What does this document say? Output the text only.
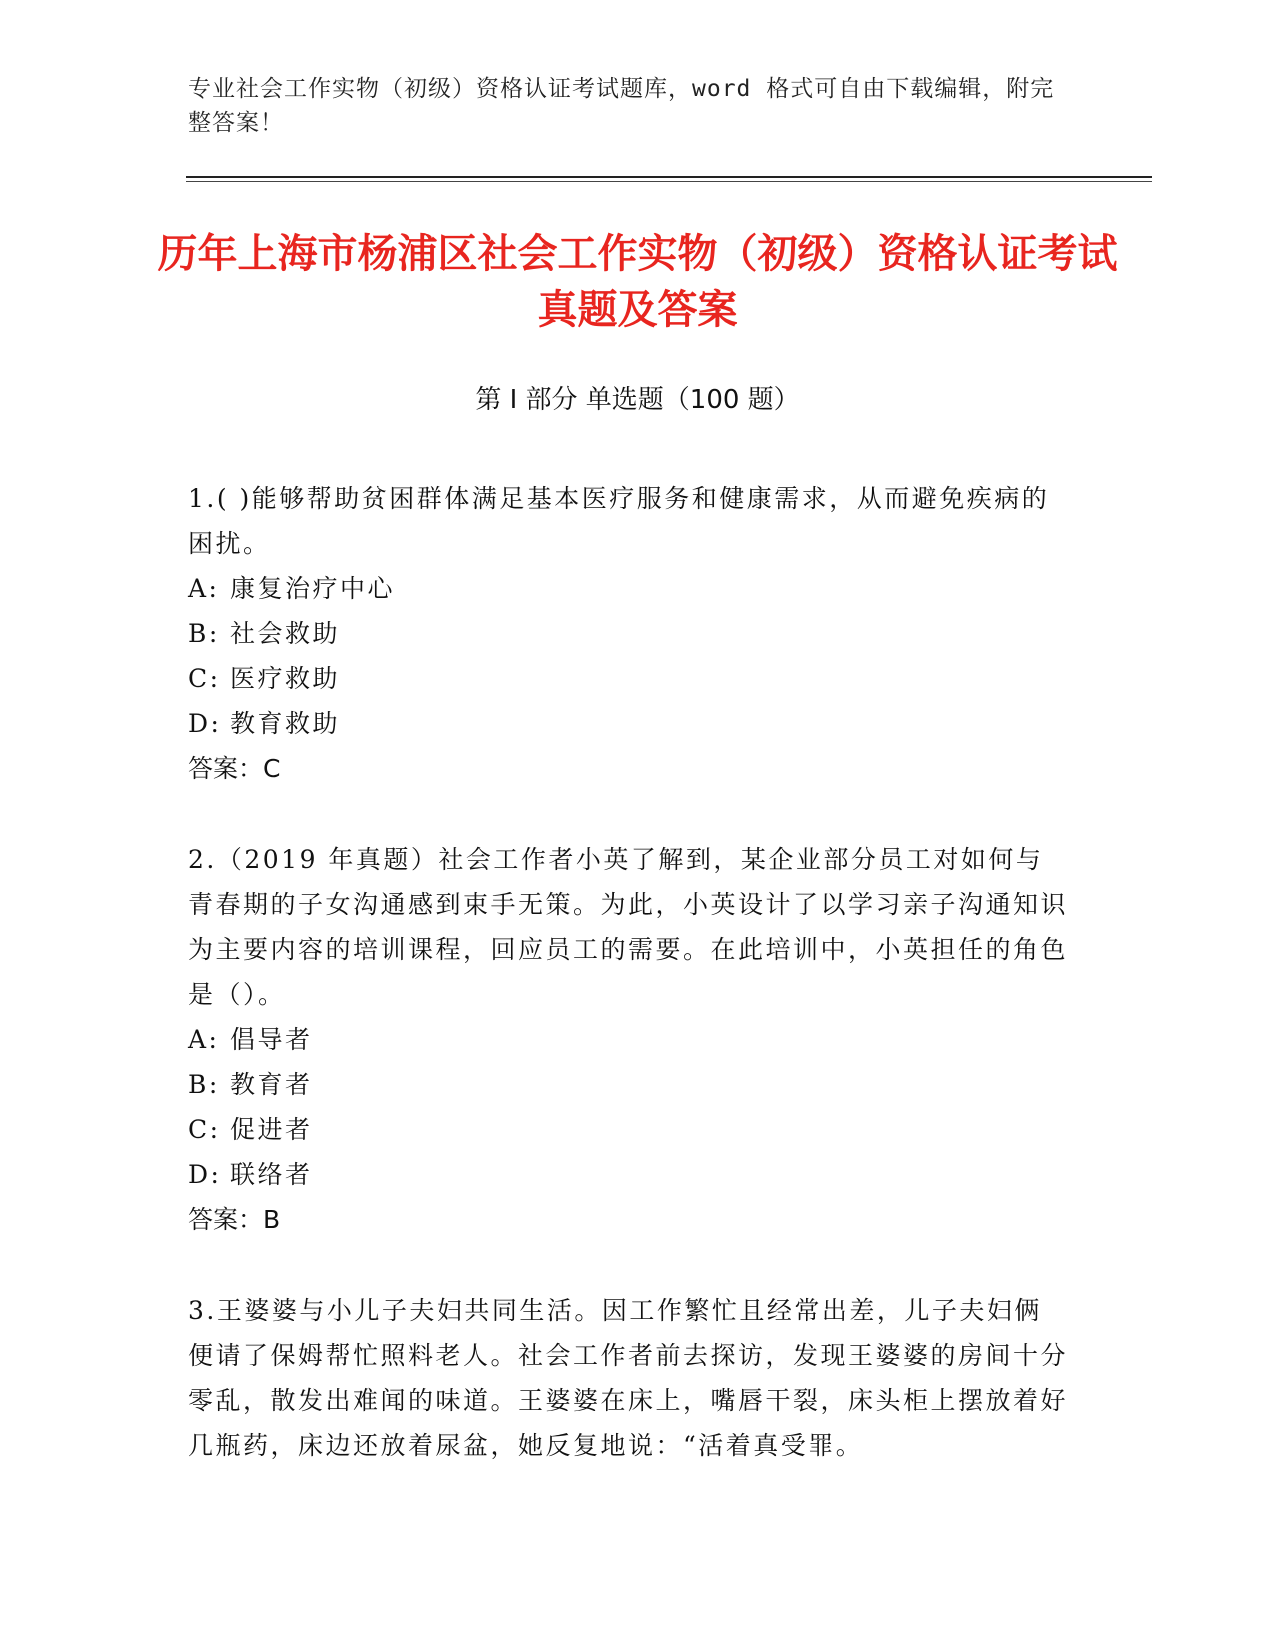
专业社会工作实物（初级）资格认证考试题库，word 格式可自由下载编辑，附完整答案！
历年上海市杨浦区社会工作实物（初级）资格认证考试真题及答案
第 I 部分 单选题（100 题）

1.( )能够帮助贫困群体满足基本医疗服务和健康需求，从而避免疾病的困扰。

A: 康复治疗中心

B: 社会救助

C: 医疗救助

D: 教育救助

答案：C

2.（2019 年真题）社会工作者小英了解到，某企业部分员工对如何与青春期的子女沟通感到束手无策。为此，小英设计了以学习亲子沟通知识为主要内容的培训课程，回应员工的需要。在此培训中，小英担任的角色是（）。

A: 倡导者

B: 教育者

C: 促进者

D: 联络者

答案：B

3.王婆婆与小儿子夫妇共同生活。因工作繁忙且经常出差，儿子夫妇俩便请了保姆帮忙照料老人。社会工作者前去探访，发现王婆婆的房间十分零乱，散发出难闻的味道。王婆婆在床上，嘴唇干裂，床头柜上摆放着好几瓶药，床边还放着尿盆，她反复地说：“活着真受罪。
